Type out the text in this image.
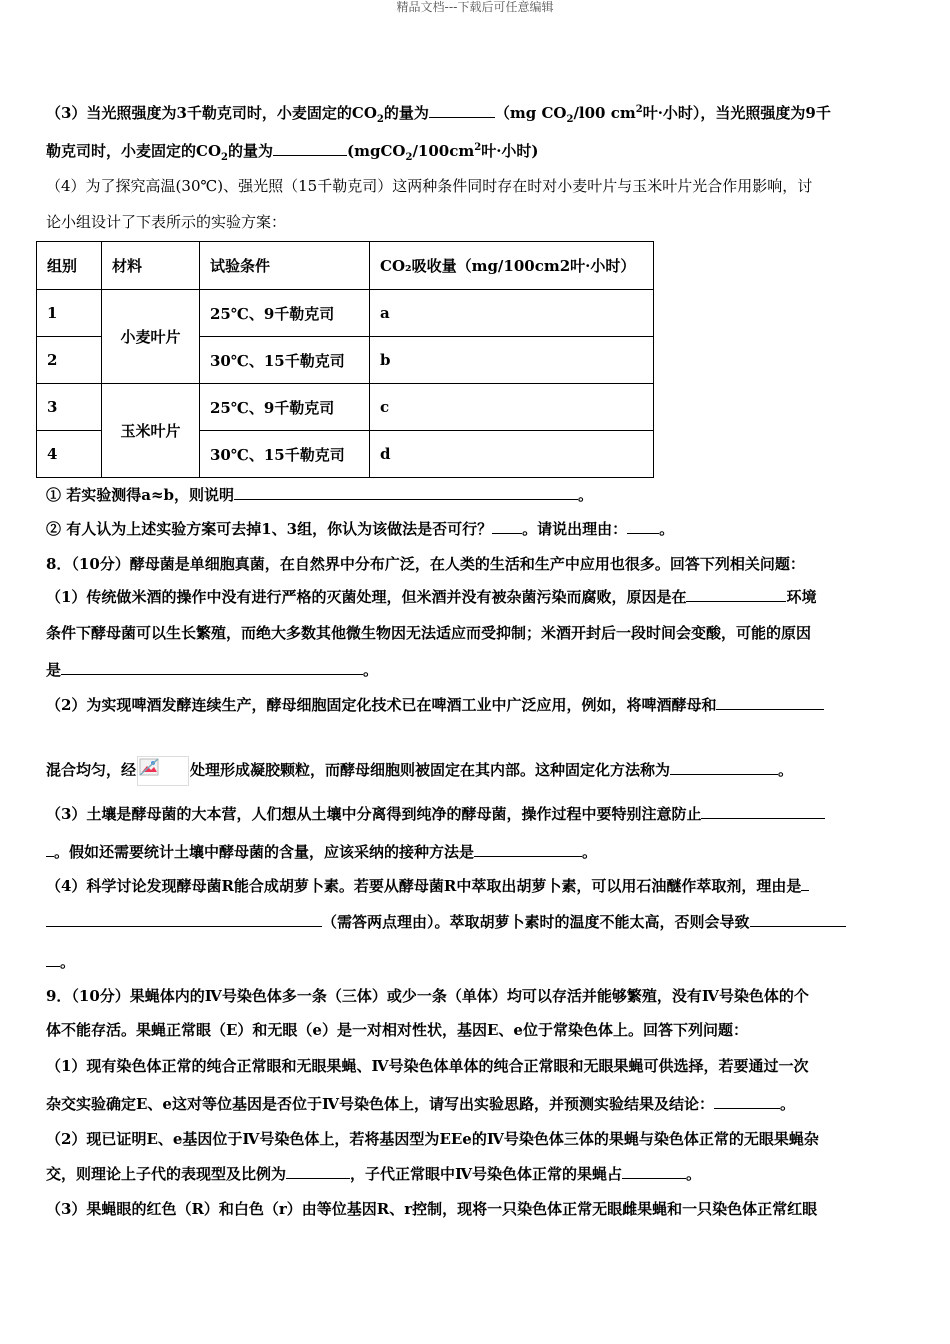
精品文档---下载后可任意编辑
（3）当光照强度为3千勒克司时，小麦固定的$CO_2$的量为	（mg $CO_2/l00$ $cm^2$叶·小时），当光照强度为9千
勒克司时，小麦固定的$CO_2$的量为	($mgCO_2/100cm^2$叶·小时)
（4）为了探究高温(30℃)、强光照（15千勒克司）这两种条件同时存在时对小麦叶片与玉米叶片光合作用影响，讨
论小组设计了下表所示的实验方案：
组别	材料	试验条件	CO₂吸收量（mg/100cm2叶·小时）
1	小麦叶片	25℃、9千勒克司	a
2		30℃、15千勒克司	b
3	玉米叶片	25℃、9千勒克司	c
4		30℃、15千勒克司	d
① 若实验测得a≈b，则说明	。
② 有人认为上述实验方案可去掉1、3组，你认为该做法是否可行？ 。请说出理由： 。
8．（10分）酵母菌是单细胞真菌，在自然界中分布广泛，在人类的生活和生产中应用也很多。回答下列相关问题：
（1）传统做米酒的操作中没有进行严格的灭菌处理，但米酒并没有被杂菌污染而腐败，原因是在	环境
条件下酵母菌可以生长繁殖，而绝大多数其他微生物因无法适应而受抑制；米酒开封后一段时间会变酸，可能的原因
是	。
（2）为实现啤酒发酵连续生产，酵母细胞固定化技术已在啤酒工业中广泛应用，例如，将啤酒酵母和
混合均匀，经	处理形成凝胶颗粒，而酵母细胞则被固定在其内部。这种固定化方法称为	。
（3）土壤是酵母菌的大本营，人们想从土壤中分离得到纯净的酵母菌，操作过程中要特别注意防止
。假如还需要统计土壤中酵母菌的含量，应该采纳的接种方法是	。
（4）科学讨论发现酵母菌R能合成胡萝卜素。若要从酵母菌R中萃取出胡萝卜素，可以用石油醚作萃取剂，理由是
（需答两点理由）。萃取胡萝卜素时的温度不能太高，否则会导致
。
9．（10分）果蝇体内的Ⅳ号染色体多一条（三体）或少一条（单体）均可以存活并能够繁殖，没有Ⅳ号染色体的个
体不能存活。果蝇正常眼（E）和无眼（e）是一对相对性状，基因E、e位于常染色体上。回答下列问题：
（1）现有染色体正常的纯合正常眼和无眼果蝇、Ⅳ号染色体单体的纯合正常眼和无眼果蝇可供选择，若要通过一次
杂交实验确定E、e这对等位基因是否位于Ⅳ号染色体上，请写出实验思路，并预测实验结果及结论：	。
（2）现已证明E、e基因位于Ⅳ号染色体上，若将基因型为EEe的Ⅳ号染色体三体的果蝇与染色体正常的无眼果蝇杂
交，则理论上子代的表现型及比例为	，子代正常眼中Ⅳ号染色体正常的果蝇占	。
（3）果蝇眼的红色（R）和白色（r）由等位基因R、r控制，现将一只染色体正常无眼雌果蝇和一只染色体正常红眼
